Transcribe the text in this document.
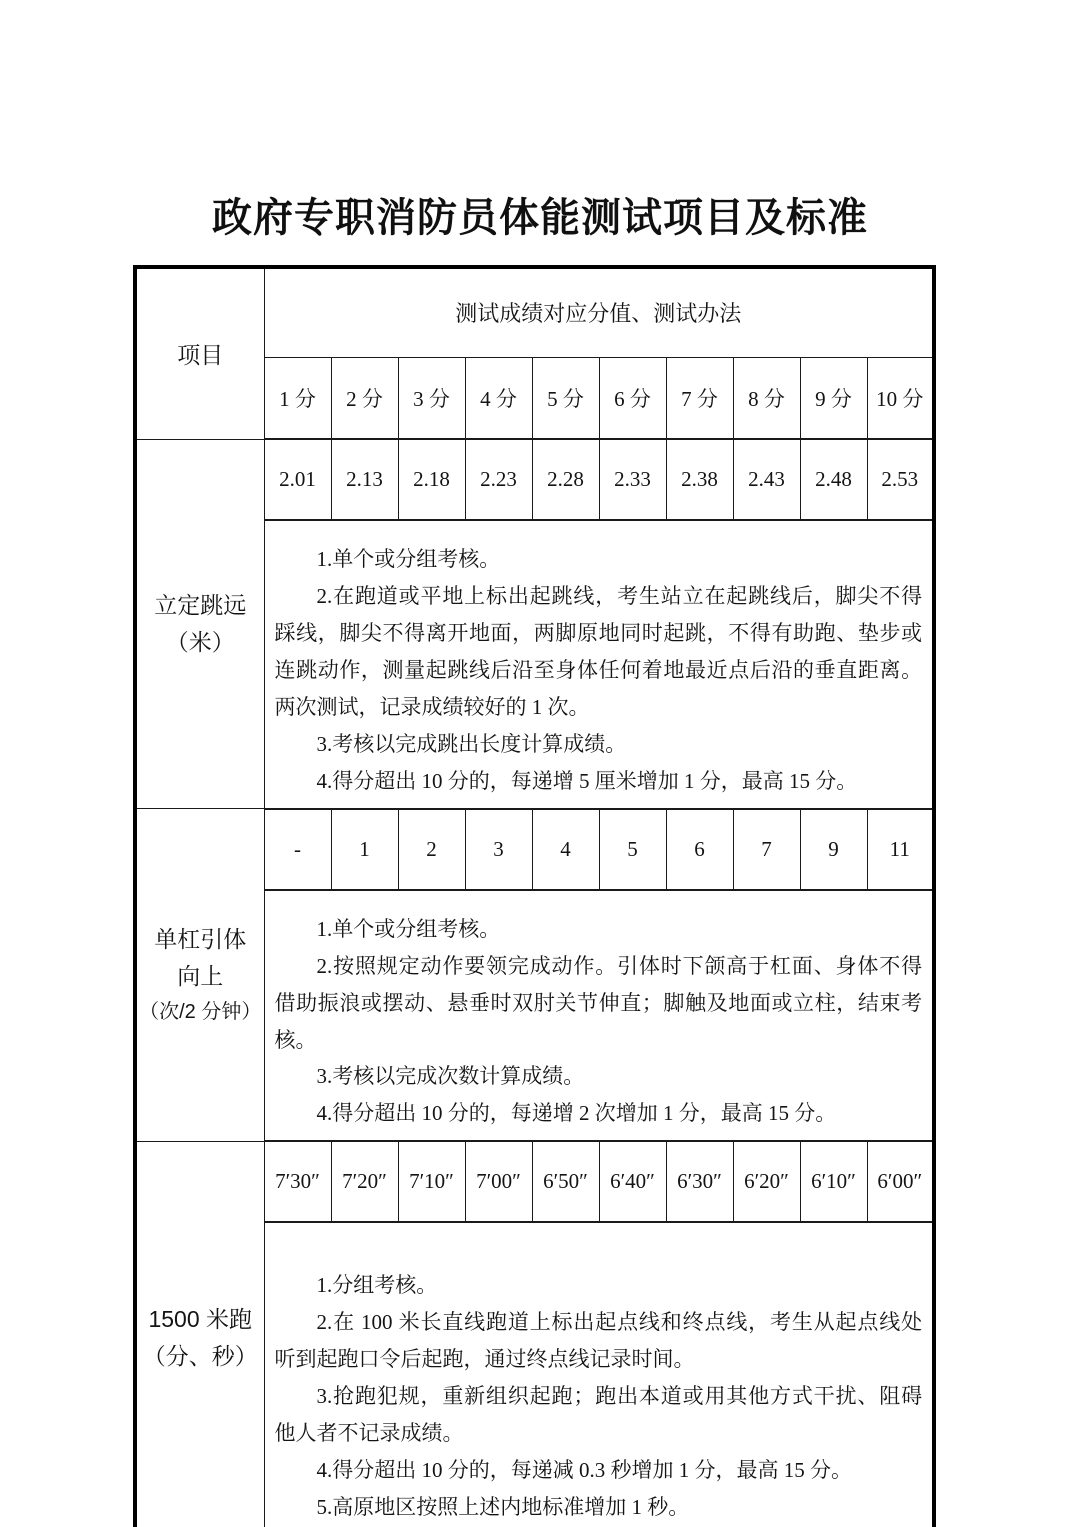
政府专职消防员体能测试项目及标准
项目	测试成绩对应分值、测试办法									
	1 分	2 分	3 分	4 分	5 分	6 分	7 分	8 分	9 分	10 分

立定跳远
（米）	2.01	2.13	2.18	2.23	2.28	2.33	2.38	2.43	2.48	2.53

	1.单个或分组考核。

2.在跑道或平地上标出起跳线，考生站立在起跳线后，脚尖不得 踩线，脚尖不得离开地面，两脚原地同时起跳，不得有助跑、垫步或 连跳动作，测量起跳线后沿至身体任何着地最近点后沿的垂直距离。 两次测试，记录成绩较好的 1 次。

3.考核以完成跳出长度计算成绩。

4.得分超出 10 分的，每递增 5 厘米增加 1 分，最高 15 分。									

单杠引体
向上
（次/2 分钟）	-	1	2	3	4	5	6	7	9	11

	1.单个或分组考核。

2.按照规定动作要领完成动作。引体时下颌高于杠面、身体不得 借助振浪或摆动、悬垂时双肘关节伸直；脚触及地面或立柱，结束考 核。

3.考核以完成次数计算成绩。

4.得分超出 10 分的，每递增 2 次增加 1 分，最高 15 分。									

1500 米跑
（分、秒）	7′30″	7′20″	7′10″	7′00″	6′50″	6′40″	6′30″	6′20″	6′10″	6′00″

	1.分组考核。

2.在 100 米长直线跑道上标出起点线和终点线，考生从起点线处 听到起跑口令后起跑，通过终点线记录时间。

3.抢跑犯规，重新组织起跑；跑出本道或用其他方式干扰、阻碍 他人者不记录成绩。

4.得分超出 10 分的，每递减 0.3 秒增加 1 分，最高 15 分。

5.高原地区按照上述内地标准增加 1 秒。									
